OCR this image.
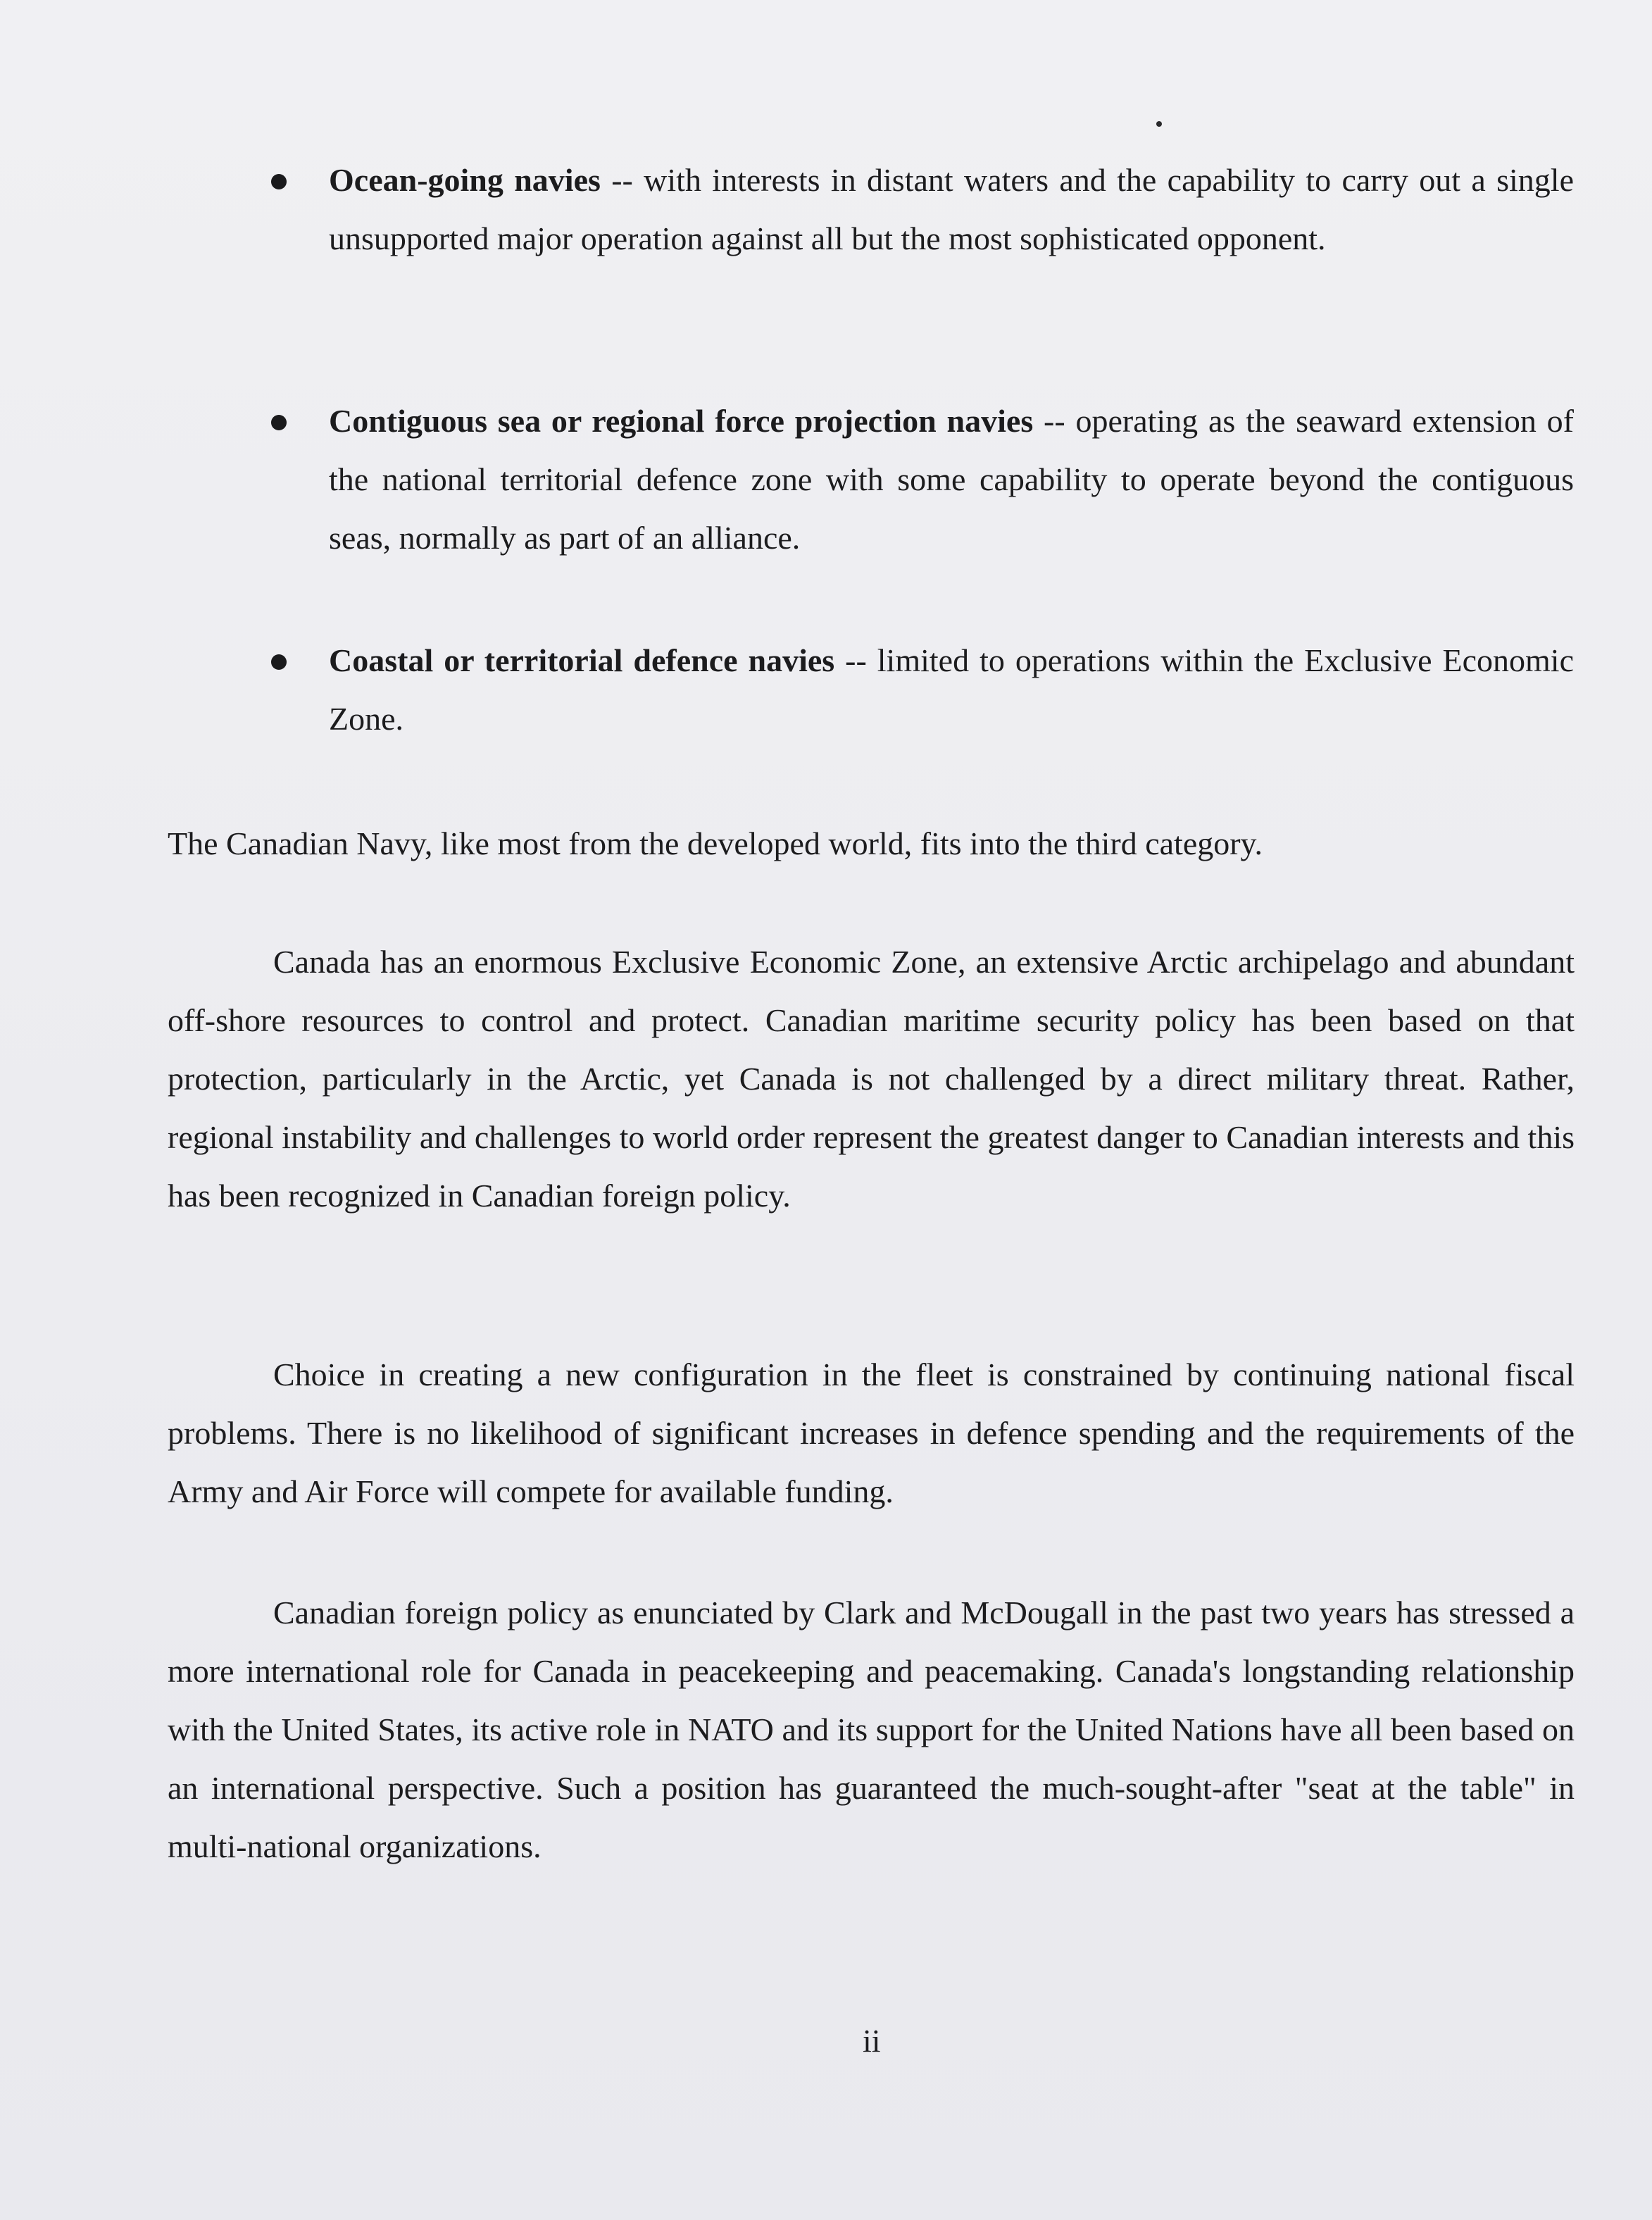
Ocean-going navies -- with interests in distant waters and the capability to carry out a single unsupported major operation against all but the most sophisticated opponent.
Contiguous sea or regional force projection navies -- operating as the seaward extension of the national territorial defence zone with some capability to operate beyond the contiguous seas, normally as part of an alliance.
Coastal or territorial defence navies -- limited to operations within the Exclusive Economic Zone.

The Canadian Navy, like most from the developed world, fits into the third category.

Canada has an enormous Exclusive Economic Zone, an extensive Arctic archipelago and abundant off-shore resources to control and protect. Canadian maritime security policy has been based on that protection, particularly in the Arctic, yet Canada is not challenged by a direct military threat. Rather, regional instability and challenges to world order represent the greatest danger to Canadian interests and this has been recognized in Canadian foreign policy.

Choice in creating a new configuration in the fleet is constrained by continuing national fiscal problems. There is no likelihood of significant increases in defence spending and the requirements of the Army and Air Force will compete for available funding.

Canadian foreign policy as enunciated by Clark and McDougall in the past two years has stressed a more international role for Canada in peacekeeping and peacemaking. Canada's longstanding relationship with the United States, its active role in NATO and its support for the United Nations have all been based on an international perspective. Such a position has guaranteed the much-sought-after "seat at the table" in multi-national organizations.

ii
